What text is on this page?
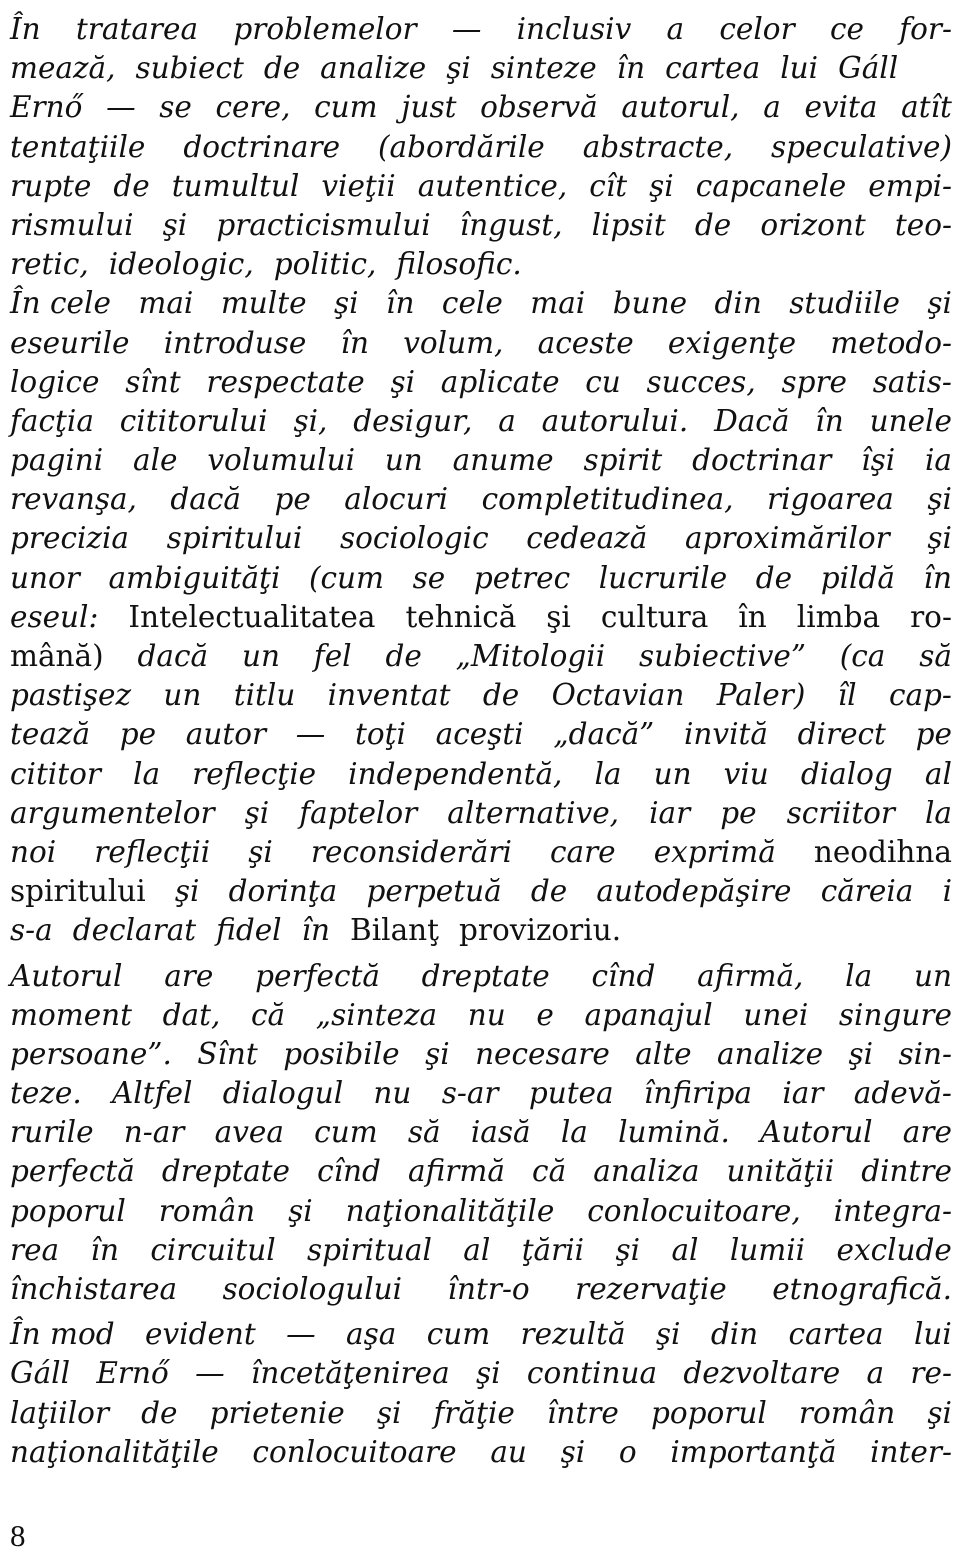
În tratarea problemelor — inclusiv a celor ce for-
mează, subiect de analize şi sinteze în cartea lui Gáll
Ernő — se cere, cum just observă autorul, a evita atît
tentaţiile doctrinare (abordările abstracte, speculative)
rupte de tumultul vieţii autentice, cît şi capcanele empi-
rismului şi practicismului îngust, lipsit de orizont teo-
retic, ideologic, politic, filosofic.
În cele mai multe şi în cele mai bune din studiile şi
eseurile introduse în volum, aceste exigenţe metodo-
logice sînt respectate şi aplicate cu succes, spre satis-
facţia cititorului şi, desigur, a autorului. Dacă în unele
pagini ale volumului un anume spirit doctrinar îşi ia
revanşa, dacă pe alocuri completitudinea, rigoarea şi
precizia spiritului sociologic cedează aproximărilor şi
unor ambiguităţi (cum se petrec lucrurile de pildă în
eseul: Intelectualitatea tehnică şi cultura în limba ro-
mână) dacă un fel de „Mitologii subiective” (ca să
pastişez un titlu inventat de Octavian Paler) îl cap-
tează pe autor — toţi aceşti „dacă” invită direct pe
cititor la reflecţie independentă, la un viu dialog al
argumentelor şi faptelor alternative, iar pe scriitor la
noi reflecţii şi reconsiderări care exprimă neodihna
spiritului şi dorinţa perpetuă de autodepăşire căreia i
s-a declarat fidel în Bilanţ provizoriu.
Autorul are perfectă dreptate cînd afirmă, la un
moment dat, că „sinteza nu e apanajul unei singure
persoane”. Sînt posibile şi necesare alte analize şi sin-
teze. Altfel dialogul nu s-ar putea înfiripa iar adevă-
rurile n-ar avea cum să iasă la lumină. Autorul are
perfectă dreptate cînd afirmă că analiza unităţii dintre
poporul român şi naţionalităţile conlocuitoare, integra-
rea în circuitul spiritual al ţării şi al lumii exclude
închistarea sociologului într-o rezervaţie etnografică.
În mod evident — aşa cum rezultă şi din cartea lui
Gáll Ernő — încetăţenirea şi continua dezvoltare a re-
laţiilor de prietenie şi frăţie între poporul român şi
naţionalităţile conlocuitoare au şi o importanţă inter-
8
